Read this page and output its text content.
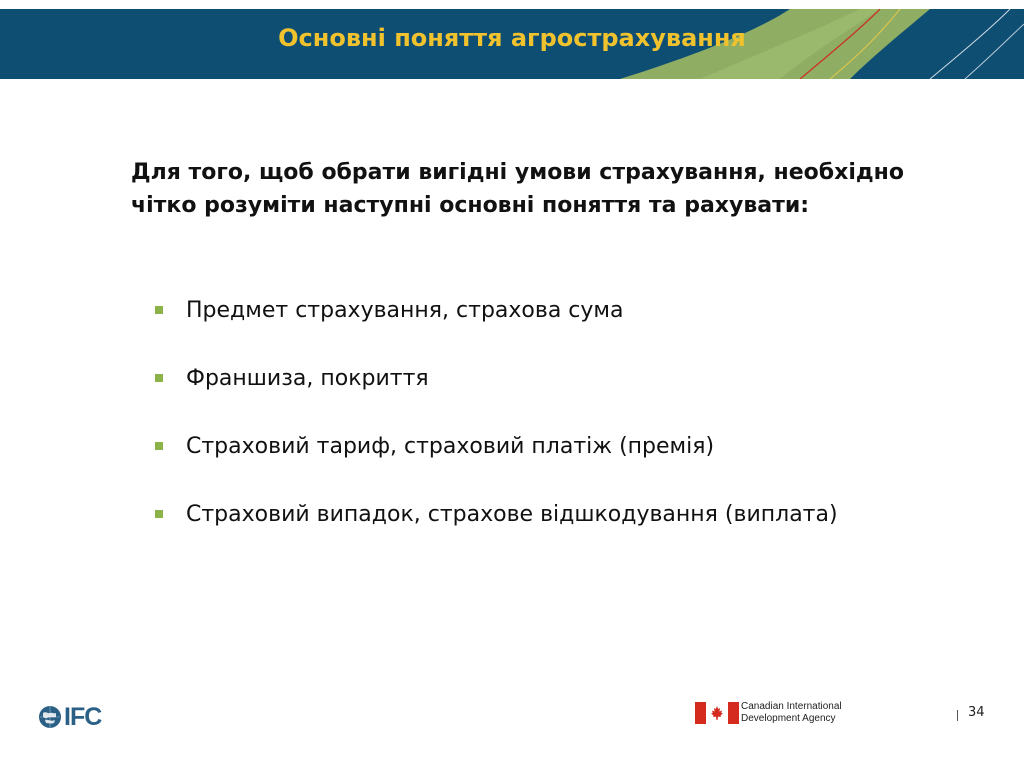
Основні поняття агрострахування
Для того, щоб обрати вигідні умови страхування, необхідно чітко розуміти наступні основні поняття та рахувати:
Предмет страхування, страхова сума
Франшиза, покриття
Страховий тариф, страховий платіж (премія)
Страховий випадок, страхове відшкодування (виплата)
IFC	Canadian International
Development Agency	34
